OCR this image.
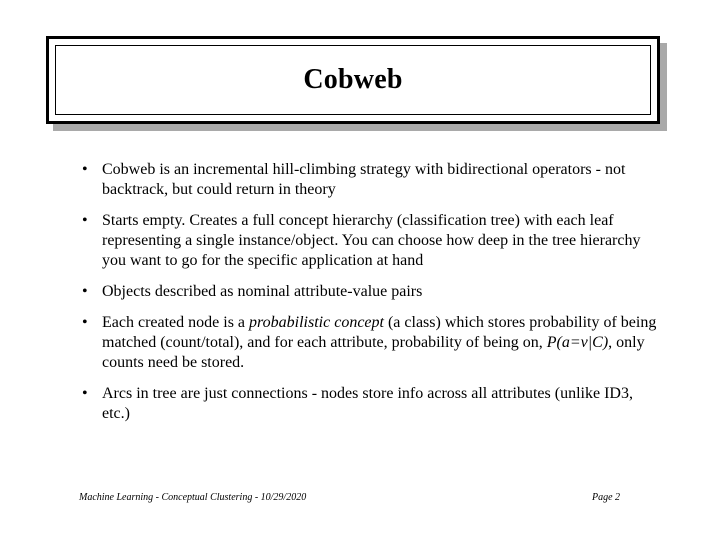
Cobweb
• Cobweb is an incremental hill-climbing strategy with bidirectional operators - not backtrack, but could return in theory
• Starts empty. Creates a full concept hierarchy (classification tree) with each leaf representing a single instance/object. You can choose how deep in the tree hierarchy you want to go for the specific application at hand
• Objects described as nominal attribute-value pairs
• Each created node is a probabilistic concept (a class) which stores probability of being matched (count/total), and for each attribute, probability of being on, P(a=v|C), only counts need be stored.
• Arcs in tree are just connections - nodes store info across all attributes (unlike ID3, etc.)
Machine Learning - Conceptual Clustering - 10/29/2020	Page 2
